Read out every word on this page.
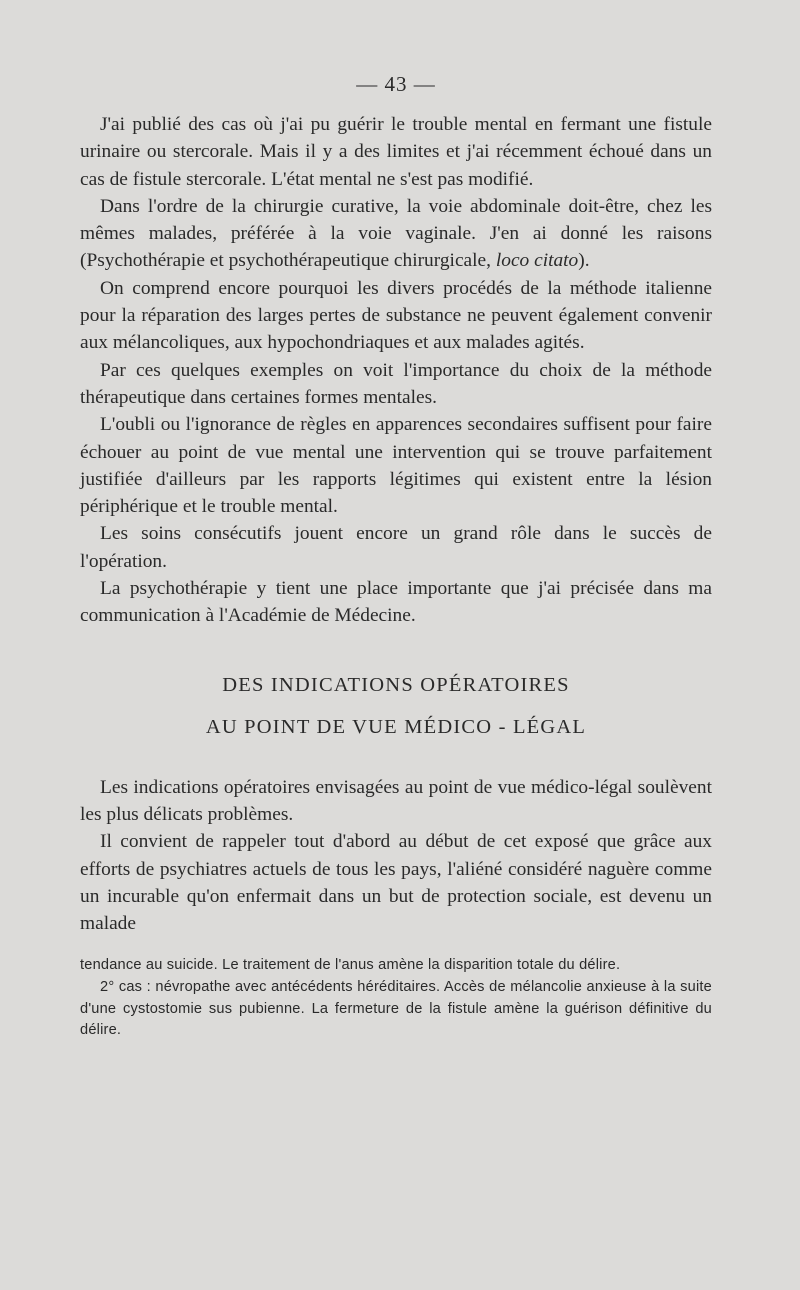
— 43 —

J'ai publié des cas où j'ai pu guérir le trouble mental en fermant une fistule urinaire ou stercorale. Mais il y a des limites et j'ai récemment échoué dans un cas de fistule stercorale. L'état mental ne s'est pas modifié.

Dans l'ordre de la chirurgie curative, la voie abdominale doit-être, chez les mêmes malades, préférée à la voie vaginale. J'en ai donné les raisons (Psychothérapie et psychothérapeutique chirurgicale, loco citato).

On comprend encore pourquoi les divers procédés de la méthode italienne pour la réparation des larges pertes de substance ne peuvent également convenir aux mélancoliques, aux hypochondriaques et aux malades agités.

Par ces quelques exemples on voit l'importance du choix de la méthode thérapeutique dans certaines formes mentales.

L'oubli ou l'ignorance de règles en apparences secondaires suffisent pour faire échouer au point de vue mental une intervention qui se trouve parfaitement justifiée d'ailleurs par les rapports légitimes qui existent entre la lésion périphérique et le trouble mental.

Les soins consécutifs jouent encore un grand rôle dans le succès de l'opération.

La psychothérapie y tient une place importante que j'ai précisée dans ma communication à l'Académie de Médecine.

DES INDICATIONS OPÉRATOIRES

AU POINT DE VUE MÉDICO - LÉGAL

Les indications opératoires envisagées au point de vue médico-légal soulèvent les plus délicats problèmes.

Il convient de rappeler tout d'abord au début de cet exposé que grâce aux efforts de psychiatres actuels de tous les pays, l'aliéné considéré naguère comme un incurable qu'on enfermait dans un but de protection sociale, est devenu un malade

tendance au suicide. Le traitement de l'anus amène la disparition totale du délire.

2° cas : névropathe avec antécédents héréditaires. Accès de mélancolie anxieuse à la suite d'une cystostomie sus pubienne. La fermeture de la fistule amène la guérison définitive du délire.
